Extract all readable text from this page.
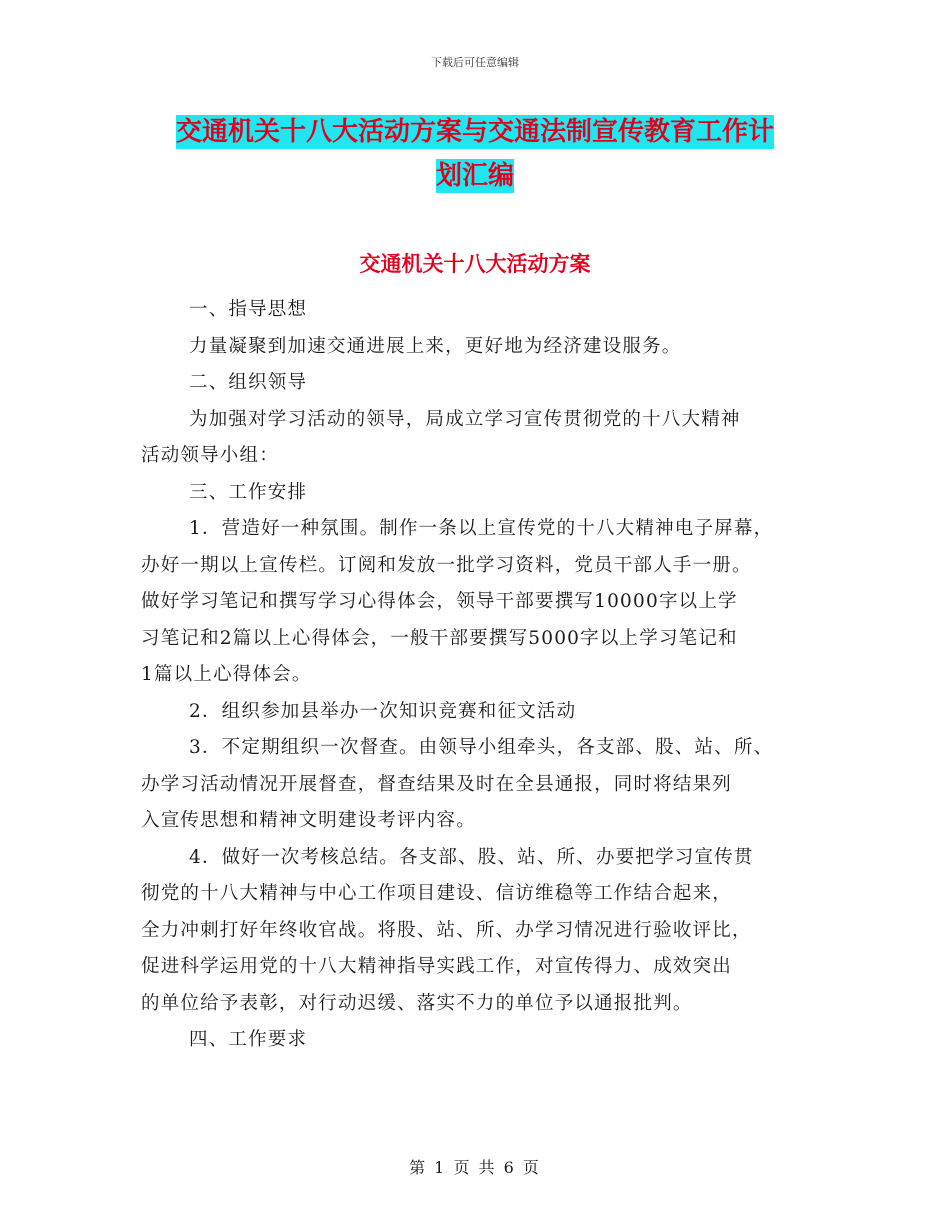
下载后可任意编辑
交通机关十八大活动方案与交通法制宣传教育工作计
划汇编
交通机关十八大活动方案

一、指导思想

力量凝聚到加速交通进展上来，更好地为经济建设服务。

二、组织领导

为加强对学习活动的领导，局成立学习宣传贯彻党的十八大精神

活动领导小组：

三、工作安排

1．营造好一种氛围。制作一条以上宣传党的十八大精神电子屏幕，

办好一期以上宣传栏。订阅和发放一批学习资料，党员干部人手一册。

做好学习笔记和撰写学习心得体会，领导干部要撰写10000字以上学

习笔记和2篇以上心得体会，一般干部要撰写5000字以上学习笔记和

1篇以上心得体会。

2．组织参加县举办一次知识竞赛和征文活动

3．不定期组织一次督查。由领导小组牵头，各支部、股、站、所、

办学习活动情况开展督查，督查结果及时在全县通报，同时将结果列

入宣传思想和精神文明建设考评内容。

4．做好一次考核总结。各支部、股、站、所、办要把学习宣传贯

彻党的十八大精神与中心工作项目建设、信访维稳等工作结合起来，

全力冲刺打好年终收官战。将股、站、所、办学习情况进行验收评比，

促进科学运用党的十八大精神指导实践工作，对宣传得力、成效突出

的单位给予表彰，对行动迟缓、落实不力的单位予以通报批判。

四、工作要求

第 1 页 共 6 页
